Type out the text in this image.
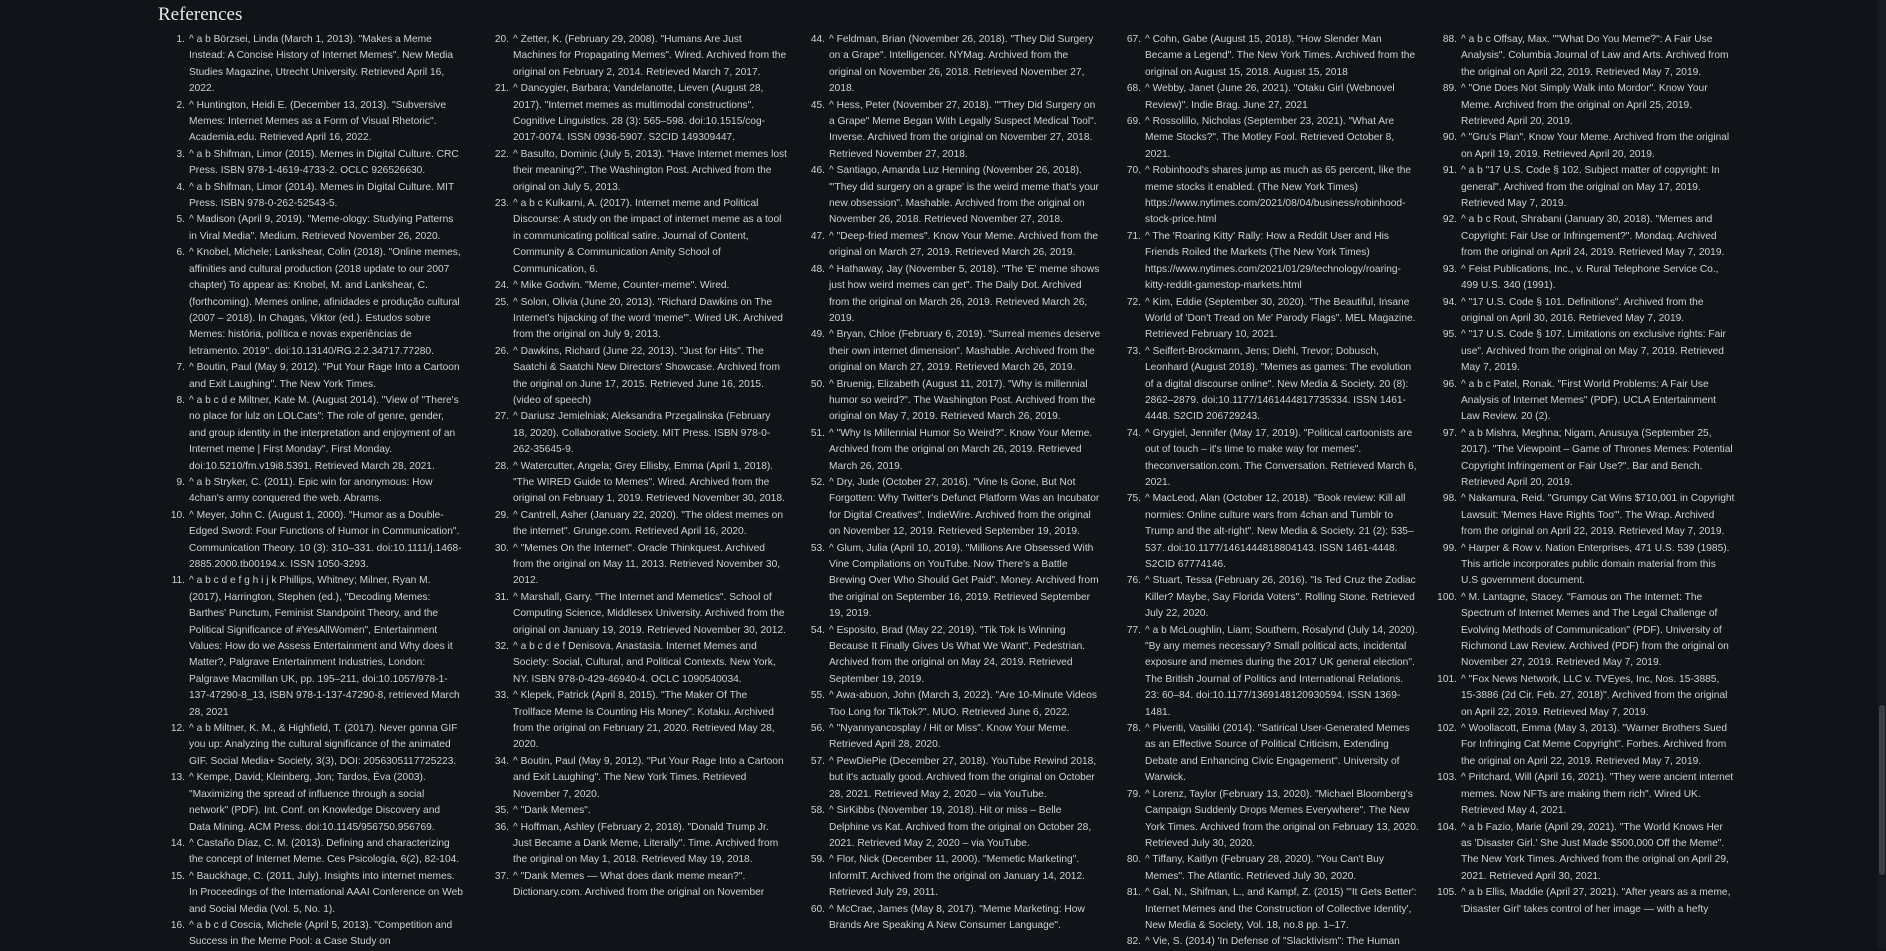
References
1. ^ a b Börzsei, Linda (March 1, 2013). "Makes a Meme Instead: A Concise History of Internet Memes". New Media Studies Magazine, Utrecht University. Retrieved April 16, 2022.
2. ^ Huntington, Heidi E. (December 13, 2013). "Subversive Memes: Internet Memes as a Form of Visual Rhetoric". Academia.edu. Retrieved April 16, 2022.
3. ^ a b Shifman, Limor (2015). Memes in Digital Culture. CRC Press. ISBN 978-1-4619-4733-2. OCLC 926526630.
4. ^ a b Shifman, Limor (2014). Memes in Digital Culture. MIT Press. ISBN 978-0-262-52543-5.
5. ^ Madison (April 9, 2019). "Meme-ology: Studying Patterns in Viral Media". Medium. Retrieved November 26, 2020.
6. ^ Knobel, Michele; Lankshear, Colin (2018). "Online memes, affinities and cultural production (2018 update to our 2007 chapter) To appear as: Knobel, M. and Lankshear, C. (forthcoming). Memes online, afinidades e produção cultural (2007 – 2018). In Chagas, Viktor (ed.). Estudos sobre Memes: história, política e novas experiências de letramento. 2019". doi:10.13140/RG.2.2.34717.77280.
7. ^ Boutin, Paul (May 9, 2012). "Put Your Rage Into a Cartoon and Exit Laughing". The New York Times.
8. ^ a b c d e Miltner, Kate M. (August 2014). "View of "There's no place for lulz on LOLCats": The role of genre, gender, and group identity in the interpretation and enjoyment of an Internet meme | First Monday". First Monday. doi:10.5210/fm.v19i8.5391. Retrieved March 28, 2021.
9. ^ a b Stryker, C. (2011). Epic win for anonymous: How 4chan's army conquered the web. Abrams.
10. ^ Meyer, John C. (August 1, 2000). "Humor as a Double-Edged Sword: Four Functions of Humor in Communication". Communication Theory. 10 (3): 310–331. doi:10.1111/j.1468-2885.2000.tb00194.x. ISSN 1050-3293.
11. ^ a b c d e f g h i j k Phillips, Whitney; Milner, Ryan M. (2017), Harrington, Stephen (ed.), "Decoding Memes: Barthes' Punctum, Feminist Standpoint Theory, and the Political Significance of #YesAllWomen", Entertainment Values: How do we Assess Entertainment and Why does it Matter?, Palgrave Entertainment Industries, London: Palgrave Macmillan UK, pp. 195–211, doi:10.1057/978-1-137-47290-8_13, ISBN 978-1-137-47290-8, retrieved March 28, 2021
12. ^ a b Miltner, K. M., & Highfield, T. (2017). Never gonna GIF you up: Analyzing the cultural significance of the animated GIF. Social Media+ Society, 3(3), DOI: 2056305117725223.
13. ^ Kempe, David; Kleinberg, Jon; Tardos, Éva (2003). "Maximizing the spread of influence through a social network" (PDF). Int. Conf. on Knowledge Discovery and Data Mining. ACM Press. doi:10.1145/956750.956769.
14. ^ Castaño Díaz, C. M. (2013). Defining and characterizing the concept of Internet Meme. Ces Psicología, 6(2), 82-104.
15. ^ Bauckhage, C. (2011, July). Insights into internet memes. In Proceedings of the International AAAI Conference on Web and Social Media (Vol. 5, No. 1).
16. ^ a b c d Coscia, Michele (April 5, 2013). "Competition and Success in the Meme Pool: a Case Study on
20. ^ Zetter, K. (February 29, 2008). "Humans Are Just Machines for Propagating Memes". Wired. Archived from the original on February 2, 2014. Retrieved March 7, 2017.
21. ^ Dancygier, Barbara; Vandelanotte, Lieven (August 28, 2017). "Internet memes as multimodal constructions". Cognitive Linguistics. 28 (3): 565–598. doi:10.1515/cog-2017-0074. ISSN 0936-5907. S2CID 149309447.
22. ^ Basulto, Dominic (July 5, 2013). "Have Internet memes lost their meaning?". The Washington Post. Archived from the original on July 5, 2013.
23. ^ a b c Kulkarni, A. (2017). Internet meme and Political Discourse: A study on the impact of internet meme as a tool in communicating political satire. Journal of Content, Community & Communication Amity School of Communication, 6.
24. ^ Mike Godwin. "Meme, Counter-meme". Wired.
25. ^ Solon, Olivia (June 20, 2013). "Richard Dawkins on The Internet's hijacking of the word 'meme'". Wired UK. Archived from the original on July 9, 2013.
26. ^ Dawkins, Richard (June 22, 2013). "Just for Hits". The Saatchi & Saatchi New Directors' Showcase. Archived from the original on June 17, 2015. Retrieved June 16, 2015. (video of speech)
27. ^ Dariusz Jemielniak; Aleksandra Przegalinska (February 18, 2020). Collaborative Society. MIT Press. ISBN 978-0-262-35645-9.
28. ^ Watercutter, Angela; Grey Ellisby, Emma (April 1, 2018). "The WIRED Guide to Memes". Wired. Archived from the original on February 1, 2019. Retrieved November 30, 2018.
29. ^ Cantrell, Asher (January 22, 2020). "The oldest memes on the internet". Grunge.com. Retrieved April 16, 2020.
30. ^ "Memes On the Internet". Oracle Thinkquest. Archived from the original on May 11, 2013. Retrieved November 30, 2012.
31. ^ Marshall, Garry. "The Internet and Memetics". School of Computing Science, Middlesex University. Archived from the original on January 19, 2019. Retrieved November 30, 2012.
32. ^ a b c d e f Denisova, Anastasia. Internet Memes and Society: Social, Cultural, and Political Contexts. New York, NY. ISBN 978-0-429-46940-4. OCLC 1090540034.
33. ^ Klepek, Patrick (April 8, 2015). "The Maker Of The Trollface Meme Is Counting His Money". Kotaku. Archived from the original on February 21, 2020. Retrieved May 28, 2020.
34. ^ Boutin, Paul (May 9, 2012). "Put Your Rage Into a Cartoon and Exit Laughing". The New York Times. Retrieved November 7, 2020.
35. ^ "Dank Memes".
36. ^ Hoffman, Ashley (February 2, 2018). "Donald Trump Jr. Just Became a Dank Meme, Literally". Time. Archived from the original on May 1, 2018. Retrieved May 19, 2018.
37. ^ "Dank Memes — What does dank meme mean?". Dictionary.com. Archived from the original on November
44. ^ Feldman, Brian (November 26, 2018). "They Did Surgery on a Grape". Intelligencer. NYMag. Archived from the original on November 26, 2018. Retrieved November 27, 2018.
45. ^ Hess, Peter (November 27, 2018). ""They Did Surgery on a Grape" Meme Began With Legally Suspect Medical Tool". Inverse. Archived from the original on November 27, 2018. Retrieved November 27, 2018.
46. ^ Santiago, Amanda Luz Henning (November 26, 2018). "'They did surgery on a grape' is the weird meme that's your new obsession". Mashable. Archived from the original on November 26, 2018. Retrieved November 27, 2018.
47. ^ "Deep-fried memes". Know Your Meme. Archived from the original on March 27, 2019. Retrieved March 26, 2019.
48. ^ Hathaway, Jay (November 5, 2018). "The 'E' meme shows just how weird memes can get". The Daily Dot. Archived from the original on March 26, 2019. Retrieved March 26, 2019.
49. ^ Bryan, Chloe (February 6, 2019). "Surreal memes deserve their own internet dimension". Mashable. Archived from the original on March 27, 2019. Retrieved March 26, 2019.
50. ^ Bruenig, Elizabeth (August 11, 2017). "Why is millennial humor so weird?". The Washington Post. Archived from the original on May 7, 2019. Retrieved March 26, 2019.
51. ^ "Why Is Millennial Humor So Weird?". Know Your Meme. Archived from the original on March 26, 2019. Retrieved March 26, 2019.
52. ^ Dry, Jude (October 27, 2016). "Vine Is Gone, But Not Forgotten: Why Twitter's Defunct Platform Was an Incubator for Digital Creatives". IndieWire. Archived from the original on November 12, 2019. Retrieved September 19, 2019.
53. ^ Glum, Julia (April 10, 2019). "Millions Are Obsessed With Vine Compilations on YouTube. Now There's a Battle Brewing Over Who Should Get Paid". Money. Archived from the original on September 16, 2019. Retrieved September 19, 2019.
54. ^ Esposito, Brad (May 22, 2019). "Tik Tok Is Winning Because It Finally Gives Us What We Want". Pedestrian. Archived from the original on May 24, 2019. Retrieved September 19, 2019.
55. ^ Awa-abuon, John (March 3, 2022). "Are 10-Minute Videos Too Long for TikTok?". MUO. Retrieved June 6, 2022.
56. ^ "Nyannyancosplay / Hit or Miss". Know Your Meme. Retrieved April 28, 2020.
57. ^ PewDiePie (December 27, 2018). YouTube Rewind 2018, but it's actually good. Archived from the original on October 28, 2021. Retrieved May 2, 2020 – via YouTube.
58. ^ SirKibbs (November 19, 2018). Hit or miss – Belle Delphine vs Kat. Archived from the original on October 28, 2021. Retrieved May 2, 2020 – via YouTube.
59. ^ Flor, Nick (December 11, 2000). "Memetic Marketing". InformIT. Archived from the original on January 14, 2012. Retrieved July 29, 2011.
60. ^ McCrae, James (May 8, 2017). "Meme Marketing: How Brands Are Speaking A New Consumer Language".
67. ^ Cohn, Gabe (August 15, 2018). "How Slender Man Became a Legend". The New York Times. Archived from the original on August 15, 2018. August 15, 2018
68. ^ Webby, Janet (June 26, 2021). "Otaku Girl (Webnovel Review)". Indie Brag. June 27, 2021
69. ^ Rossolillo, Nicholas (September 23, 2021). "What Are Meme Stocks?". The Motley Fool. Retrieved October 8, 2021.
70. ^ Robinhood's shares jump as much as 65 percent, like the meme stocks it enabled. (The New York Times) https://www.nytimes.com/2021/08/04/business/robinhood-stock-price.html
71. ^ The 'Roaring Kitty' Rally: How a Reddit User and His Friends Roiled the Markets (The New York Times) https://www.nytimes.com/2021/01/29/technology/roaring-kitty-reddit-gamestop-markets.html
72. ^ Kim, Eddie (September 30, 2020). "The Beautiful, Insane World of 'Don't Tread on Me' Parody Flags". MEL Magazine. Retrieved February 10, 2021.
73. ^ Seiffert-Brockmann, Jens; Diehl, Trevor; Dobusch, Leonhard (August 2018). "Memes as games: The evolution of a digital discourse online". New Media & Society. 20 (8): 2862–2879. doi:10.1177/1461444817735334. ISSN 1461-4448. S2CID 206729243.
74. ^ Grygiel, Jennifer (May 17, 2019). "Political cartoonists are out of touch – it's time to make way for memes". theconversation.com. The Conversation. Retrieved March 6, 2021.
75. ^ MacLeod, Alan (October 12, 2018). "Book review: Kill all normies: Online culture wars from 4chan and Tumblr to Trump and the alt-right". New Media & Society. 21 (2): 535–537. doi:10.1177/1461444818804143. ISSN 1461-4448. S2CID 67774146.
76. ^ Stuart, Tessa (February 26, 2016). "Is Ted Cruz the Zodiac Killer? Maybe, Say Florida Voters". Rolling Stone. Retrieved July 22, 2020.
77. ^ a b McLoughlin, Liam; Southern, Rosalynd (July 14, 2020). "By any memes necessary? Small political acts, incidental exposure and memes during the 2017 UK general election". The British Journal of Politics and International Relations. 23: 60–84. doi:10.1177/1369148120930594. ISSN 1369-1481.
78. ^ Piveriti, Vasiliki (2014). "Satirical User-Generated Memes as an Effective Source of Political Criticism, Extending Debate and Enhancing Civic Engagement". University of Warwick.
79. ^ Lorenz, Taylor (February 13, 2020). "Michael Bloomberg's Campaign Suddenly Drops Memes Everywhere". The New York Times. Archived from the original on February 13, 2020. Retrieved July 30, 2020.
80. ^ Tiffany, Kaitlyn (February 28, 2020). "You Can't Buy Memes". The Atlantic. Retrieved July 30, 2020.
81. ^ Gal, N., Shifman, L., and Kampf, Z. (2015) "'It Gets Better': Internet Memes and the Construction of Collective Identity', New Media & Society, Vol. 18, no.8 pp. 1–17.
82. ^ Vie, S. (2014) 'In Defense of "Slacktivism": The Human
88. ^ a b c Offsay, Max. ""What Do You Meme?": A Fair Use Analysis". Columbia Journal of Law and Arts. Archived from the original on April 22, 2019. Retrieved May 7, 2019.
89. ^ "One Does Not Simply Walk into Mordor". Know Your Meme. Archived from the original on April 25, 2019. Retrieved April 20, 2019.
90. ^ "Gru's Plan". Know Your Meme. Archived from the original on April 19, 2019. Retrieved April 20, 2019.
91. ^ a b "17 U.S. Code § 102. Subject matter of copyright: In general". Archived from the original on May 17, 2019. Retrieved May 7, 2019.
92. ^ a b c Rout, Shrabani (January 30, 2018). "Memes and Copyright: Fair Use or Infringement?". Mondaq. Archived from the original on April 24, 2019. Retrieved May 7, 2019.
93. ^ Feist Publications, Inc., v. Rural Telephone Service Co., 499 U.S. 340 (1991).
94. ^ "17 U.S. Code § 101. Definitions". Archived from the original on April 30, 2016. Retrieved May 7, 2019.
95. ^ "17 U.S. Code § 107. Limitations on exclusive rights: Fair use". Archived from the original on May 7, 2019. Retrieved May 7, 2019.
96. ^ a b c Patel, Ronak. "First World Problems: A Fair Use Analysis of Internet Memes" (PDF). UCLA Entertainment Law Review. 20 (2).
97. ^ a b Mishra, Meghna; Nigam, Anusuya (September 25, 2017). "The Viewpoint – Game of Thrones Memes: Potential Copyright Infringement or Fair Use?". Bar and Bench. Retrieved April 20, 2019.
98. ^ Nakamura, Reid. "Grumpy Cat Wins $710,001 in Copyright Lawsuit: 'Memes Have Rights Too'". The Wrap. Archived from the original on April 22, 2019. Retrieved May 7, 2019.
99. ^ Harper & Row v. Nation Enterprises, 471 U.S. 539 (1985). This article incorporates public domain material from this U.S government document.
100. ^ M. Lantagne, Stacey. "Famous on The Internet: The Spectrum of Internet Memes and The Legal Challenge of Evolving Methods of Communication" (PDF). University of Richmond Law Review. Archived (PDF) from the original on November 27, 2019. Retrieved May 7, 2019.
101. ^ "Fox News Network, LLC v. TVEyes, Inc, Nos. 15-3885, 15-3886 (2d Cir. Feb. 27, 2018)". Archived from the original on April 22, 2019. Retrieved May 7, 2019.
102. ^ Woollacott, Emma (May 3, 2013). "Warner Brothers Sued For Infringing Cat Meme Copyright". Forbes. Archived from the original on April 22, 2019. Retrieved May 7, 2019.
103. ^ Pritchard, Will (April 16, 2021). "They were ancient internet memes. Now NFTs are making them rich". Wired UK. Retrieved May 4, 2021.
104. ^ a b Fazio, Marie (April 29, 2021). "The World Knows Her as 'Disaster Girl.' She Just Made $500,000 Off the Meme". The New York Times. Archived from the original on April 29, 2021. Retrieved April 30, 2021.
105. ^ a b Ellis, Maddie (April 27, 2021). "After years as a meme, 'Disaster Girl' takes control of her image — with a hefty
